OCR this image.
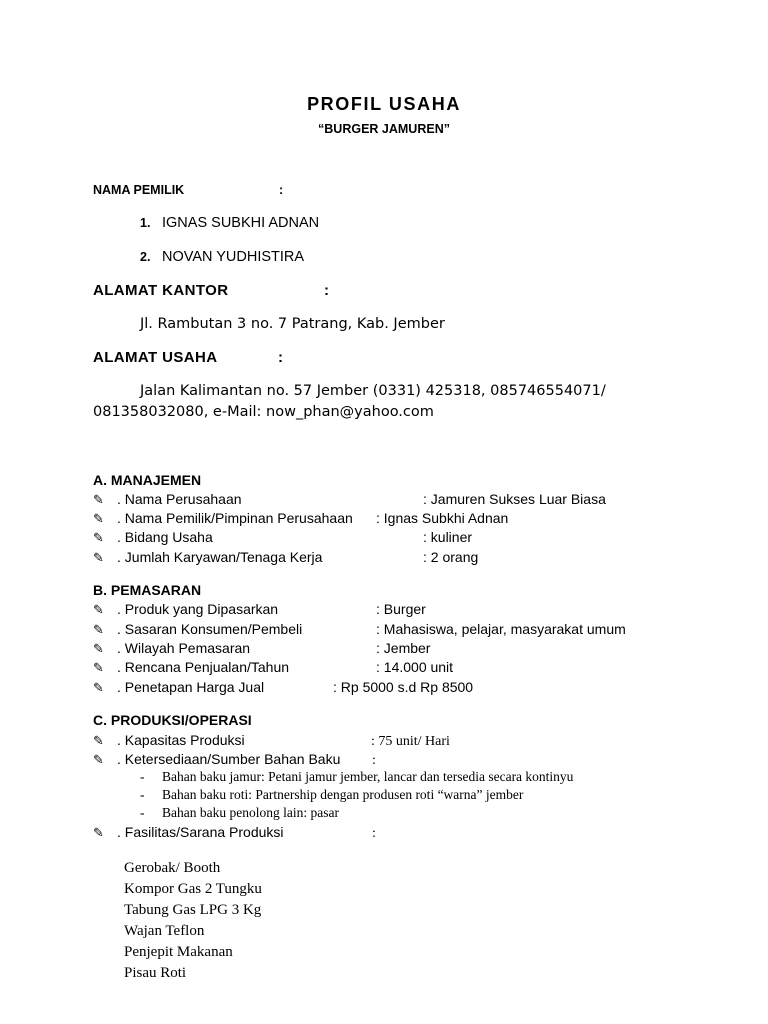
PROFIL USAHA
“BURGER JAMUREN”
NAMA PEMILIK	:
1. IGNAS SUBKHI ADNAN
2. NOVAN YUDHISTIRA
ALAMAT KANTOR	:
Jl. Rambutan 3 no. 7 Patrang, Kab. Jember
ALAMAT USAHA	:
Jalan Kalimantan no. 57 Jember (0331) 425318, 085746554071/
081358032080, e-Mail: now_phan@yahoo.com
A. MANAJEMEN
✎ . Nama Perusahaan	: Jamuren Sukses Luar Biasa
✎ . Nama Pemilik/Pimpinan Perusahaan : Ignas Subkhi Adnan
✎ . Bidang Usaha	: kuliner
✎ . Jumlah Karyawan/Tenaga Kerja	: 2 orang
B. PEMASARAN
✎ . Produk yang Dipasarkan	: Burger
✎ . Sasaran Konsumen/Pembeli	: Mahasiswa, pelajar, masyarakat umum
✎ . Wilayah Pemasaran	: Jember
✎ . Rencana Penjualan/Tahun	: 14.000 unit
✎ . Penetapan Harga Jual	: Rp 5000 s.d Rp 8500
C. PRODUKSI/OPERASI
✎ . Kapasitas Produksi	: 75 unit/ Hari
✎ . Ketersediaan/Sumber Bahan Baku :
- Bahan baku jamur: Petani jamur jember, lancar dan tersedia secara kontinyu
- Bahan baku roti: Partnership dengan produsen roti “warna” jember
- Bahan baku penolong lain: pasar
✎ . Fasilitas/Sarana Produksi	:
Gerobak/ Booth
Kompor Gas 2 Tungku
Tabung Gas LPG 3 Kg
Wajan Teflon
Penjepit Makanan
Pisau Roti
